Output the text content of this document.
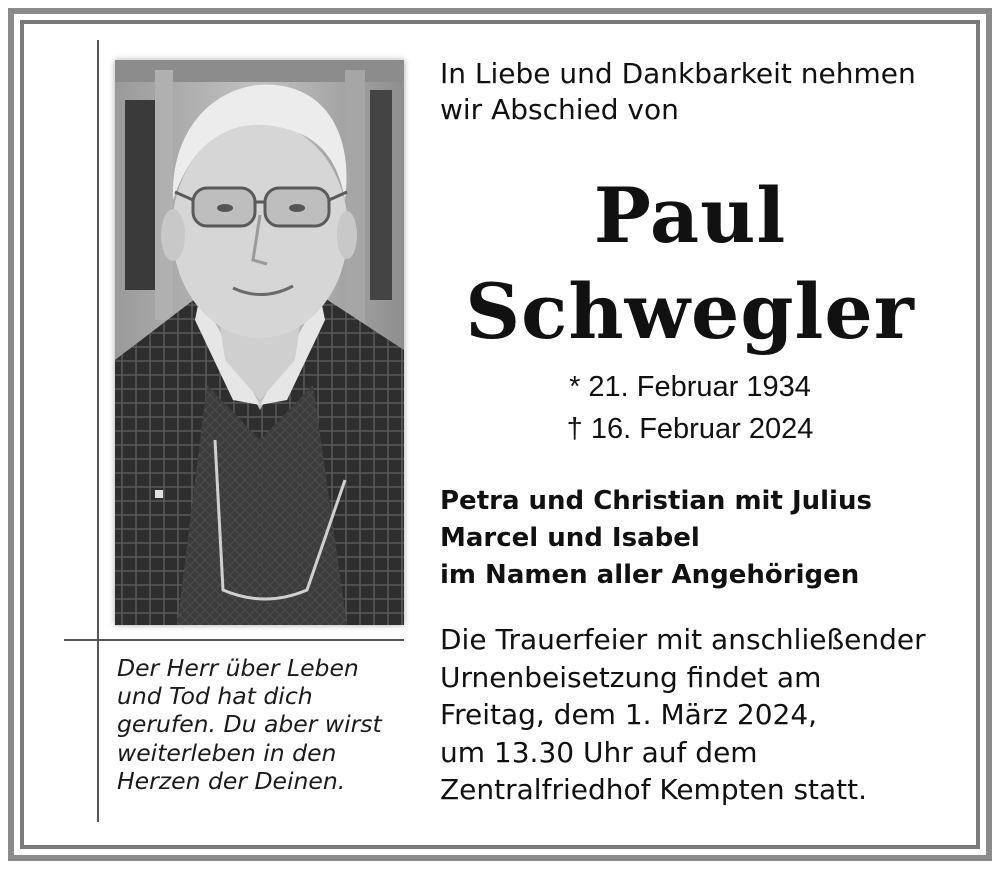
Der Herr über Leben
und Tod hat dich
gerufen. Du aber wirst
weiterleben in den
Herzen der Deinen.
In Liebe und Dankbarkeit nehmen
wir Abschied von
Paul
Schwegler
* 21. Februar 1934
† 16. Februar 2024
Petra und Christian mit Julius
Marcel und Isabel
im Namen aller Angehörigen
Die Trauerfeier mit anschließender
Urnenbeisetzung findet am
Freitag, dem 1. März 2024,
um 13.30 Uhr auf dem
Zentralfriedhof Kempten statt.
